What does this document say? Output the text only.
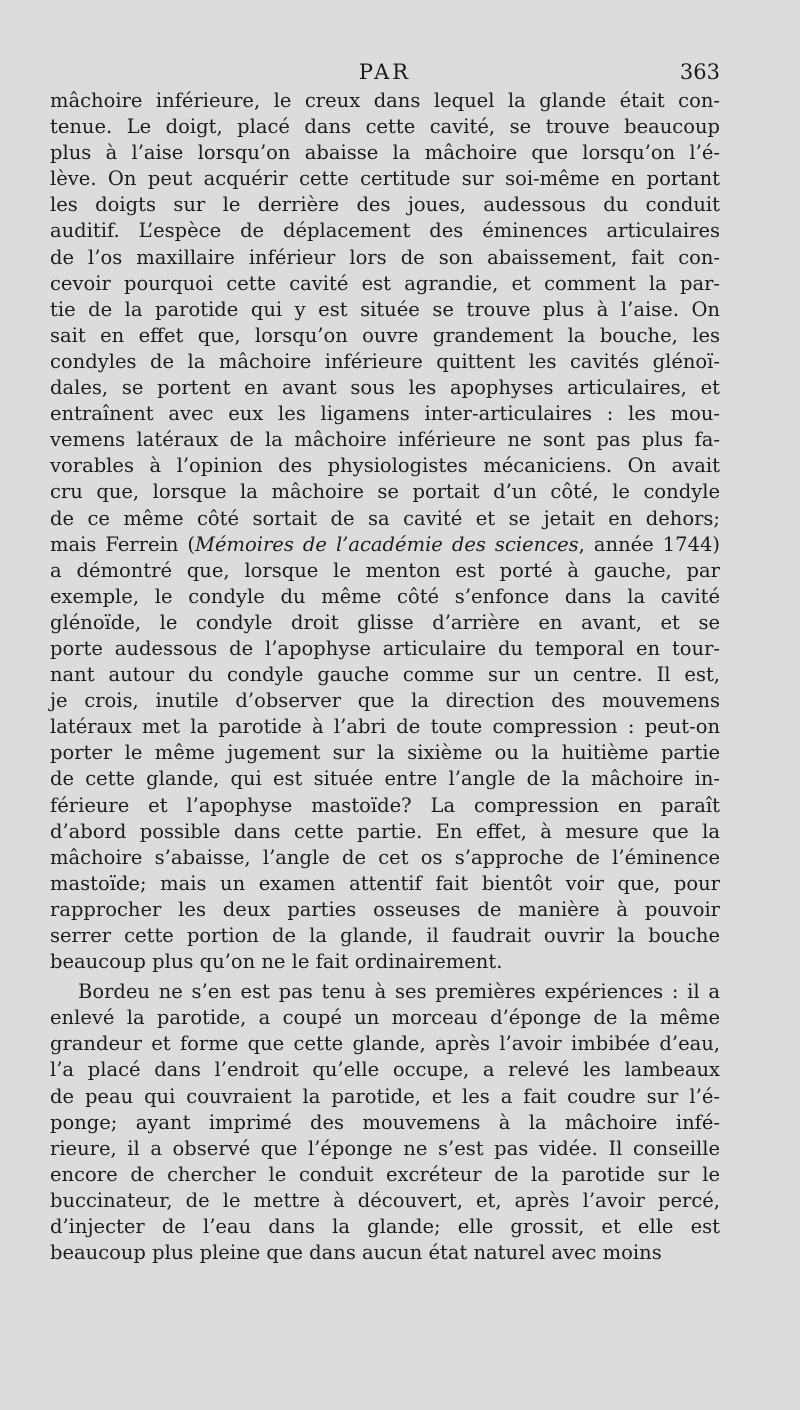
PAR	363
mâchoire inférieure, le creux dans lequel la glande était con-
tenue. Le doigt, placé dans cette cavité, se trouve beaucoup
plus à l’aise lorsqu’on abaisse la mâchoire que lorsqu’on l’é-
lève. On peut acquérir cette certitude sur soi-même en portant
les doigts sur le derrière des joues, audessous du conduit
auditif. L’espèce de déplacement des éminences articulaires
de l’os maxillaire inférieur lors de son abaissement, fait con-
cevoir pourquoi cette cavité est agrandie, et comment la par-
tie de la parotide qui y est située se trouve plus à l’aise. On
sait en effet que, lorsqu’on ouvre grandement la bouche, les
condyles de la mâchoire inférieure quittent les cavités glénoï-
dales, se portent en avant sous les apophyses articulaires, et
entraînent avec eux les ligamens inter-articulaires : les mou-
vemens latéraux de la mâchoire inférieure ne sont pas plus fa-
vorables à l’opinion des physiologistes mécaniciens. On avait
cru que, lorsque la mâchoire se portait d’un côté, le condyle
de ce même côté sortait de sa cavité et se jetait en dehors;
mais Ferrein (Mémoires de l’académie des sciences, année 1744)
a démontré que, lorsque le menton est porté à gauche, par
exemple, le condyle du même côté s’enfonce dans la cavité
glénoïde, le condyle droit glisse d’arrière en avant, et se
porte audessous de l’apophyse articulaire du temporal en tour-
nant autour du condyle gauche comme sur un centre. Il est,
je crois, inutile d’observer que la direction des mouvemens
latéraux met la parotide à l’abri de toute compression : peut-on
porter le même jugement sur la sixième ou la huitième partie
de cette glande, qui est située entre l’angle de la mâchoire in-
férieure et l’apophyse mastoïde? La compression en paraît
d’abord possible dans cette partie. En effet, à mesure que la
mâchoire s’abaisse, l’angle de cet os s’approche de l’éminence
mastoïde; mais un examen attentif fait bientôt voir que, pour
rapprocher les deux parties osseuses de manière à pouvoir
serrer cette portion de la glande, il faudrait ouvrir la bouche
beaucoup plus qu’on ne le fait ordinairement.
Bordeu ne s’en est pas tenu à ses premières expériences : il a
enlevé la parotide, a coupé un morceau d’éponge de la même
grandeur et forme que cette glande, après l’avoir imbibée d’eau,
l’a placé dans l’endroit qu’elle occupe, a relevé les lambeaux
de peau qui couvraient la parotide, et les a fait coudre sur l’é-
ponge; ayant imprimé des mouvemens à la mâchoire infé-
rieure, il a observé que l’éponge ne s’est pas vidée. Il conseille
encore de chercher le conduit excréteur de la parotide sur le
buccinateur, de le mettre à découvert, et, après l’avoir percé,
d’injecter de l’eau dans la glande; elle grossit, et elle est
beaucoup plus pleine que dans aucun état naturel avec moins
